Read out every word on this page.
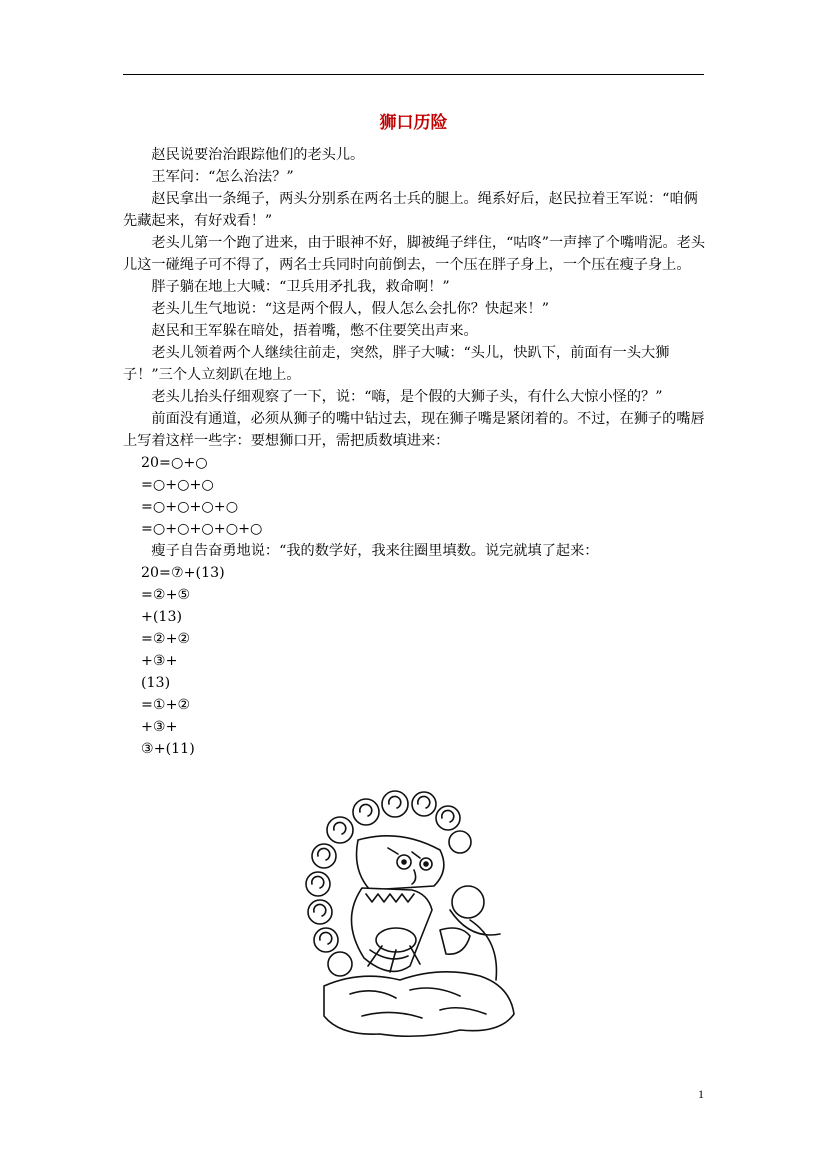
狮口历险

赵民说要治治跟踪他们的老头儿。

王军问：“怎么治法？”

赵民拿出一条绳子，两头分别系在两名士兵的腿上。绳系好后，赵民拉着王军说：“咱俩先藏起来，有好戏看！”

老头儿第一个跑了进来，由于眼神不好，脚被绳子绊住，“咕咚”一声摔了个嘴啃泥。老头儿这一碰绳子可不得了，两名士兵同时向前倒去，一个压在胖子身上，一个压在瘦子身上。

胖子躺在地上大喊：“卫兵用矛扎我，救命啊！”

老头儿生气地说：“这是两个假人，假人怎么会扎你？快起来！”

赵民和王军躲在暗处，捂着嘴，憋不住要笑出声来。

老头儿领着两个人继续往前走，突然，胖子大喊：“头儿，快趴下，前面有一头大狮子！”三个人立刻趴在地上。

老头儿抬头仔细观察了一下，说：“嗨，是个假的大狮子头，有什么大惊小怪的？”

前面没有通道，必须从狮子的嘴中钻过去，现在狮子嘴是紧闭着的。不过，在狮子的嘴唇上写着这样一些字：要想狮口开，需把质数填进来：

20=○+○

=○+○+○

=○+○+○+○

=○+○+○+○+○

瘦子自告奋勇地说：“我的数学好，我来往圈里填数。说完就填了起来：

20=⑦+(13)

=②+⑤

+(13)

=②+②

+③+

(13)

=①+②

+③+

③+(11)

1
